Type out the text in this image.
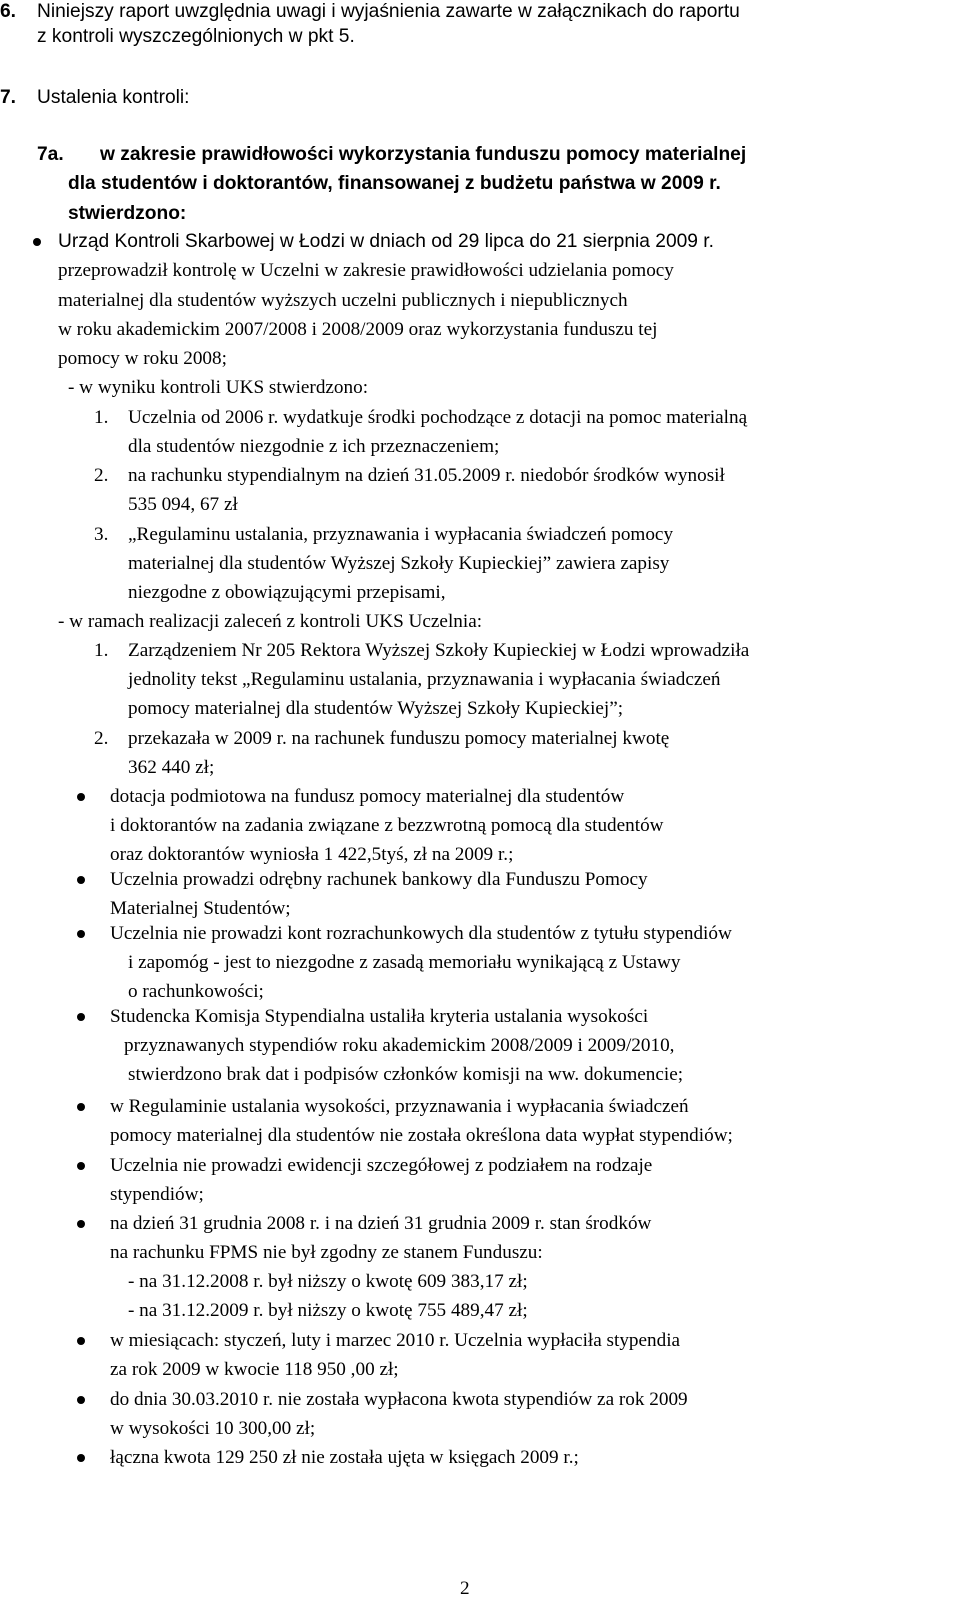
6. Niniejszy raport uwzględnia uwagi i wyjaśnienia zawarte w załącznikach do raportu
z kontroli wyszczególnionych w pkt 5.
7. Ustalenia kontroli:
7a. w zakresie prawidłowości wykorzystania funduszu pomocy materialnej
dla studentów i doktorantów, finansowanej z budżetu państwa w 2009 r.
stwierdzono:
Urząd Kontroli Skarbowej w Łodzi w dniach od 29 lipca do 21 sierpnia 2009 r.
przeprowadził kontrolę w Uczelni w zakresie prawidłowości udzielania pomocy
materialnej dla studentów wyższych uczelni publicznych i niepublicznych
w roku akademickim 2007/2008 i 2008/2009 oraz wykorzystania funduszu tej
pomocy w roku 2008;
- w wyniku kontroli UKS stwierdzono:
1. Uczelnia od 2006 r. wydatkuje środki pochodzące z dotacji na pomoc materialną
dla studentów niezgodnie z ich przeznaczeniem;
2. na rachunku stypendialnym na dzień 31.05.2009 r. niedobór środków wynosił
535 094, 67 zł
3. „Regulaminu ustalania, przyznawania i wypłacania świadczeń pomocy
materialnej dla studentów Wyższej Szkoły Kupieckiej” zawiera zapisy
niezgodne z obowiązującymi przepisami,
- w ramach realizacji zaleceń z kontroli UKS Uczelnia:
1. Zarządzeniem Nr 205 Rektora Wyższej Szkoły Kupieckiej w Łodzi wprowadziła
jednolity tekst „Regulaminu ustalania, przyznawania i wypłacania świadczeń
pomocy materialnej dla studentów Wyższej Szkoły Kupieckiej”;
2. przekazała w 2009 r. na rachunek funduszu pomocy materialnej kwotę
362 440 zł;
dotacja podmiotowa na fundusz pomocy materialnej dla studentów
i doktorantów na zadania związane z bezzwrotną pomocą dla studentów
oraz doktorantów wyniosła 1 422,5tyś, zł na 2009 r.;
Uczelnia prowadzi odrębny rachunek bankowy dla Funduszu Pomocy
Materialnej Studentów;
Uczelnia nie prowadzi kont rozrachunkowych dla studentów z tytułu stypendiów
i zapomóg - jest to niezgodne z zasadą memoriału wynikającą z Ustawy
o rachunkowości;
Studencka Komisja Stypendialna ustaliła kryteria ustalania wysokości
przyznawanych stypendiów roku akademickim 2008/2009 i 2009/2010,
stwierdzono brak dat i podpisów członków komisji na ww. dokumencie;
w Regulaminie ustalania wysokości, przyznawania i wypłacania świadczeń
pomocy materialnej dla studentów nie została określona data wypłat stypendiów;
Uczelnia nie prowadzi ewidencji szczegółowej z podziałem na rodzaje
stypendiów;
na dzień 31 grudnia 2008 r. i na dzień 31 grudnia 2009 r. stan środków
na rachunku FPMS nie był zgodny ze stanem Funduszu:
- na 31.12.2008 r. był niższy o kwotę 609 383,17 zł;
- na 31.12.2009 r. był niższy o kwotę 755 489,47 zł;
w miesiącach: styczeń, luty i marzec 2010 r. Uczelnia wypłaciła stypendia
za rok 2009 w kwocie 118 950 ,00 zł;
do dnia 30.03.2010 r. nie została wypłacona kwota stypendiów za rok 2009
w wysokości 10 300,00 zł;
łączna kwota 129 250 zł nie została ujęta w księgach 2009 r.;
2
